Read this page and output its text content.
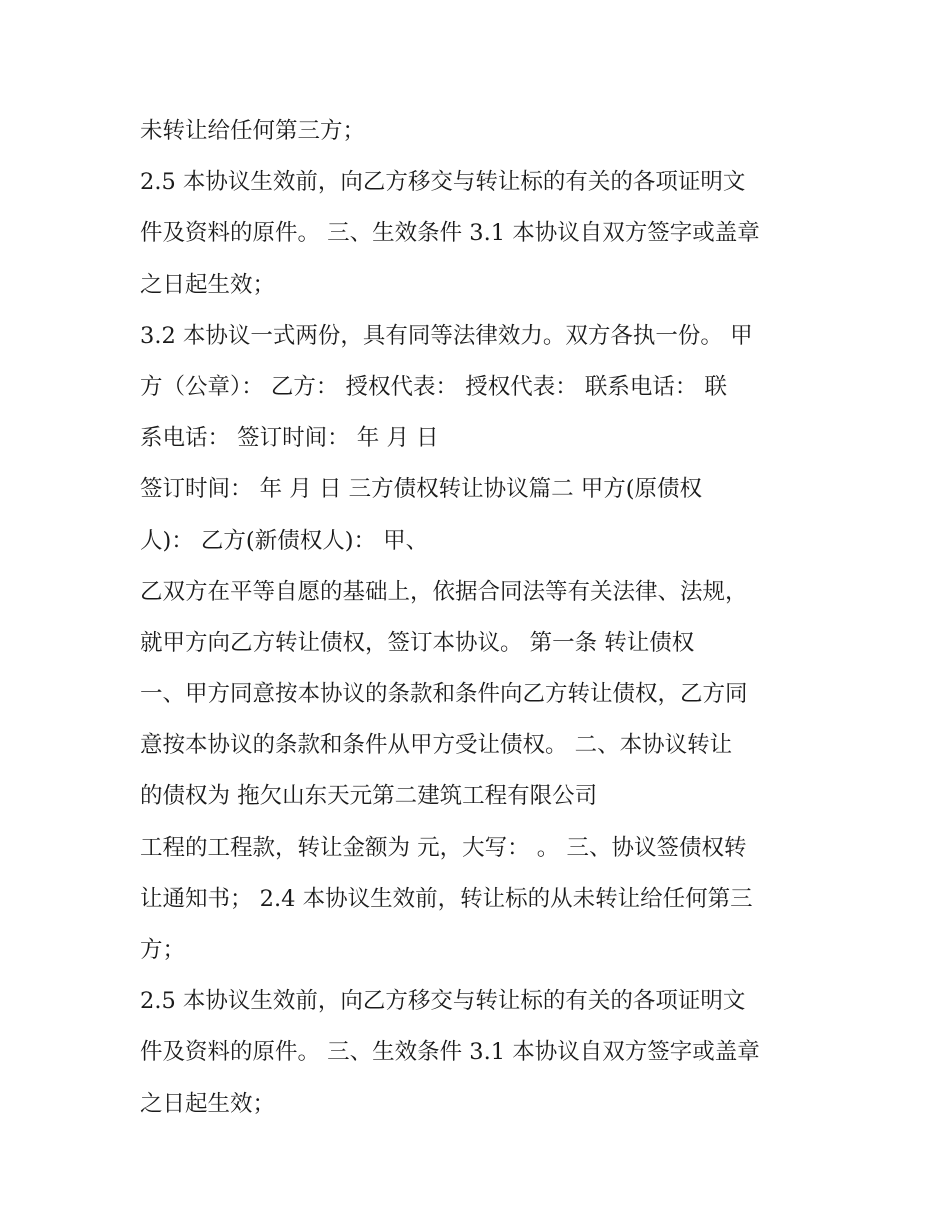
未转让给任何第三方；
2.5 本协议生效前，向乙方移交与转让标的有关的各项证明文
件及资料的原件。 三、生效条件 3.1 本协议自双方签字或盖章
之日起生效；
3.2 本协议一式两份，具有同等法律效力。双方各执一份。 甲
方（公章）： 乙方： 授权代表： 授权代表： 联系电话： 联
系电话： 签订时间： 年 月 日
签订时间： 年 月 日 三方债权转让协议篇二 甲方(原债权
人)： 乙方(新债权人)： 甲、
乙双方在平等自愿的基础上，依据合同法等有关法律、法规，
就甲方向乙方转让债权，签订本协议。 第一条 转让债权
一、甲方同意按本协议的条款和条件向乙方转让债权，乙方同
意按本协议的条款和条件从甲方受让债权。 二、本协议转让
的债权为 拖欠山东天元第二建筑工程有限公司
工程的工程款，转让金额为 元，大写： 。 三、协议签债权转
让通知书； 2.4 本协议生效前，转让标的从未转让给任何第三
方；
2.5 本协议生效前，向乙方移交与转让标的有关的各项证明文
件及资料的原件。 三、生效条件 3.1 本协议自双方签字或盖章
之日起生效；
